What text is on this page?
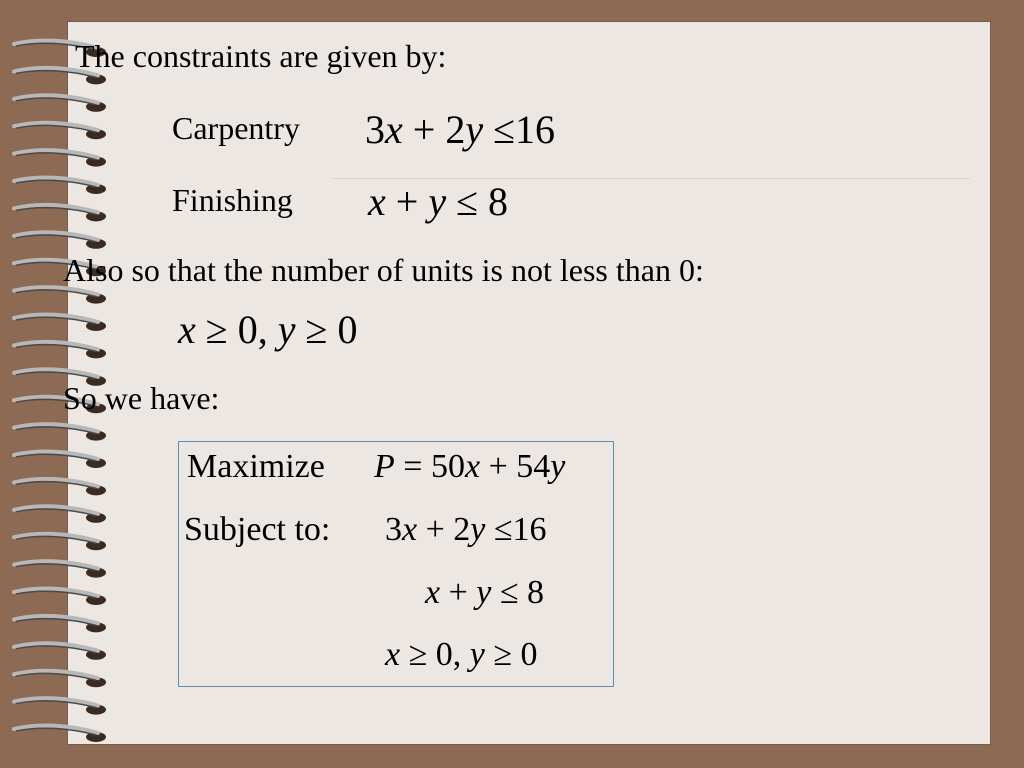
The constraints are given by:
Carpentry 3x + 2y ≤16
Finishing x + y ≤ 8
Also so that the number of units is not less than 0:
x ≥ 0, y ≥ 0
So we have:
Maximize P = 50x + 54y
Subject to: 3x + 2y ≤16
x + y ≤ 8
x ≥ 0, y ≥ 0
